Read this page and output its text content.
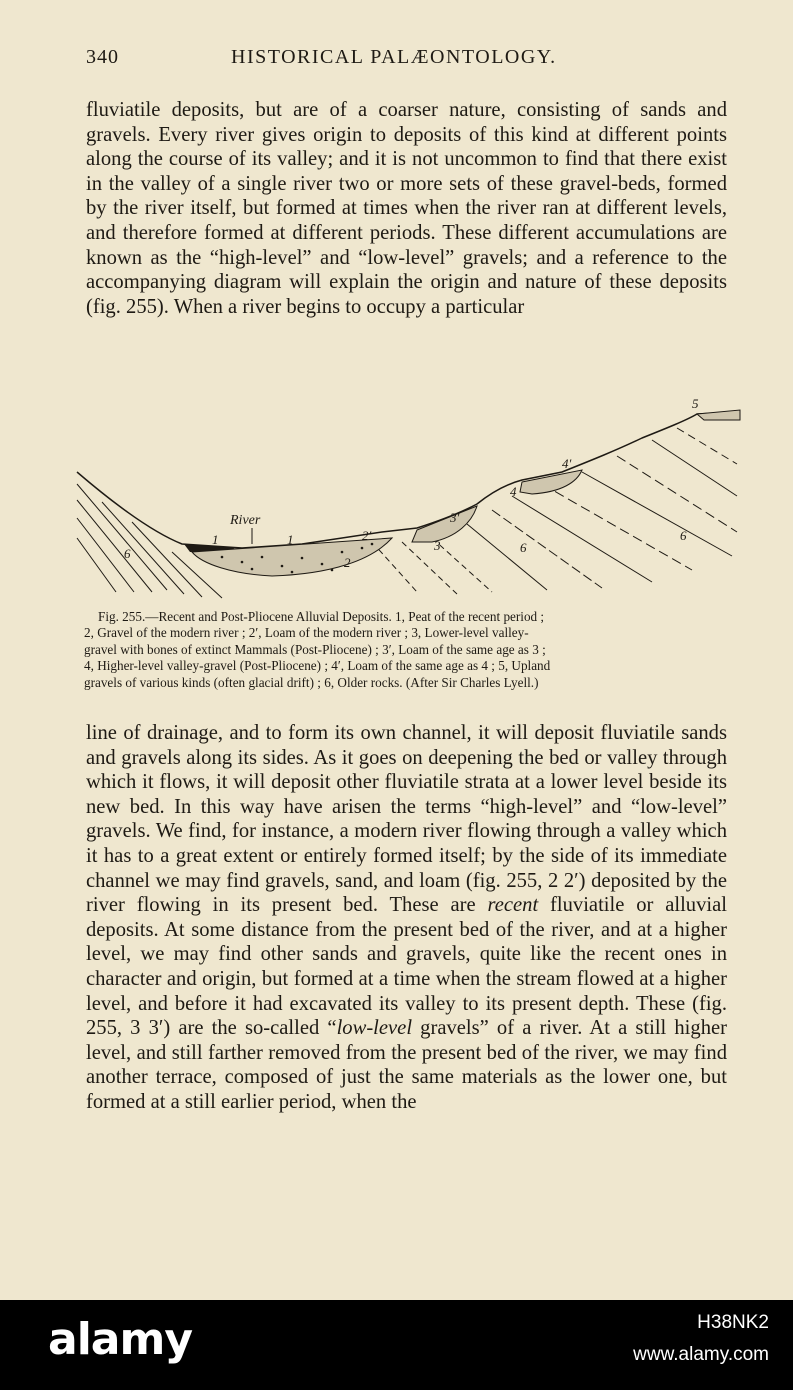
340	HISTORICAL PALÆONTOLOGY.

fluviatile deposits, but are of a coarser nature, consisting of sands and gravels. Every river gives origin to deposits of this kind at different points along the course of its valley; and it is not uncommon to find that there exist in the valley of a single river two or more sets of these gravel-beds, formed by the river itself, but formed at times when the river ran at different levels, and therefore formed at different periods. These different accumulations are known as the “high-level” and “low-level” gravels; and a reference to the accompanying diagram will explain the origin and nature of these deposits (fig. 255). When a river begins to occupy a particular

River
1	1
2
2′
3
3′
4
4′
5
6	6
6
Fig. 255.—Recent and Post-Pliocene Alluvial Deposits. 1, Peat of the recent period ;
2, Gravel of the modern river ; 2′, Loam of the modern river ; 3, Lower-level valley-
gravel with bones of extinct Mammals (Post-Pliocene) ; 3′, Loam of the same age as 3 ;
4, Higher-level valley-gravel (Post-Pliocene) ; 4′, Loam of the same age as 4 ; 5, Upland
gravels of various kinds (often glacial drift) ; 6, Older rocks. (After Sir Charles Lyell.)

line of drainage, and to form its own channel, it will deposit fluviatile sands and gravels along its sides. As it goes on deepening the bed or valley through which it flows, it will deposit other fluviatile strata at a lower level beside its new bed. In this way have arisen the terms “high-level” and “low-level” gravels. We find, for instance, a modern river flowing through a valley which it has to a great extent or entirely formed itself; by the side of its immediate channel we may find gravels, sand, and loam (fig. 255, 2 2′) deposited by the river flowing in its present bed. These are recent fluviatile or alluvial deposits. At some distance from the present bed of the river, and at a higher level, we may find other sands and gravels, quite like the recent ones in character and origin, but formed at a time when the stream flowed at a higher level, and before it had excavated its valley to its present depth. These (fig. 255, 3 3′) are the so-called “low-level gravels” of a river. At a still higher level, and still farther removed from the present bed of the river, we may find another terrace, composed of just the same materials as the lower one, but formed at a still earlier period, when the

alamy	H38NK2
www.alamy.com
